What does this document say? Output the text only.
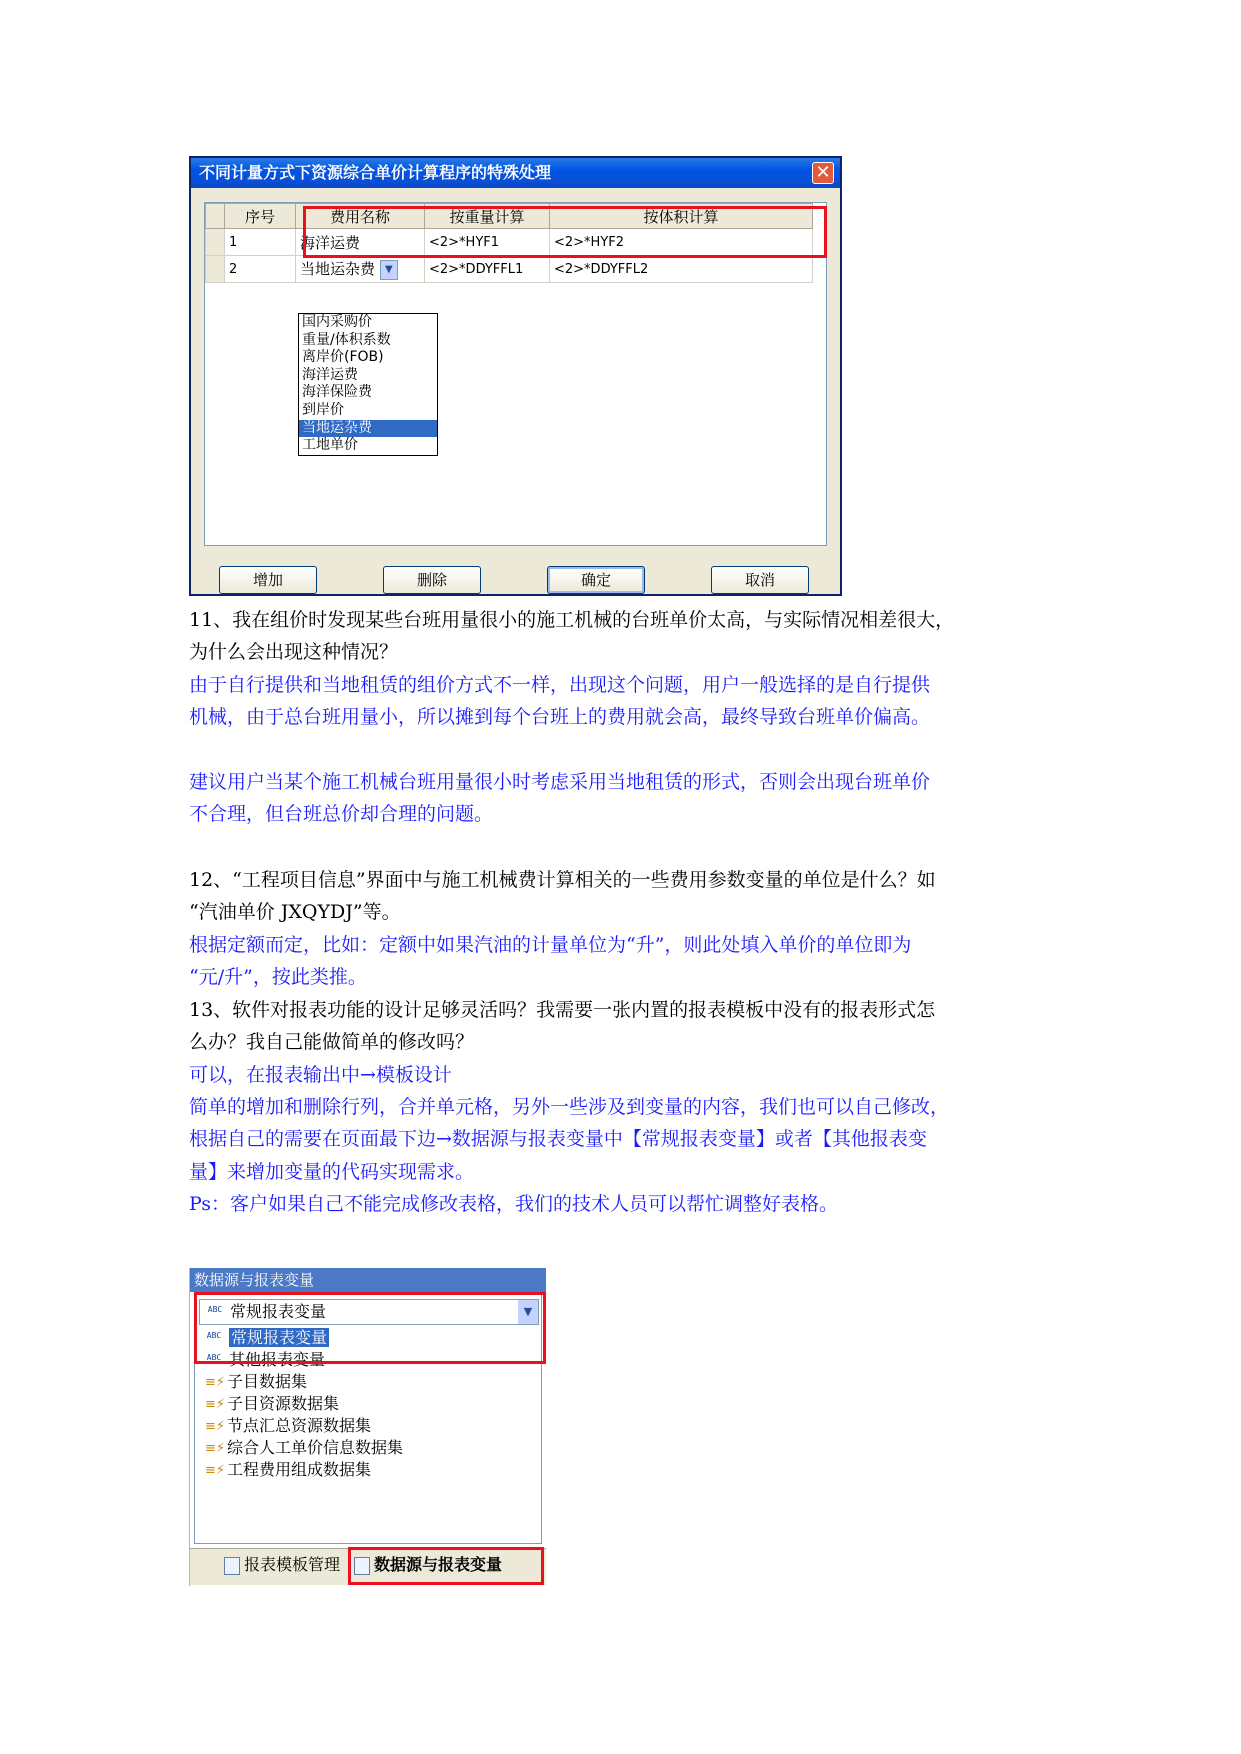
不同计量方式下资源综合单价计算程序的特殊处理	✕
	序号	费用名称	按重量计算	按体积计算
	1	海洋运费	<2>*HYF1	<2>*HYF2
	2	当地运杂费 ▼	<2>*DDYFFL1	<2>*DDYFFL2
国内采购价
重量/体积系数
离岸价(FOB)
海洋运费
海洋保险费
到岸价
当地运杂费
工地单价
增加	删除	确定	取消
11、我在组价时发现某些台班用量很小的施工机械的台班单价太高，与实际情况相差很大，
为什么会出现这种情况？
由于自行提供和当地租赁的组价方式不一样，出现这个问题，用户一般选择的是自行提供
机械，由于总台班用量小，所以摊到每个台班上的费用就会高，最终导致台班单价偏高。
建议用户当某个施工机械台班用量很小时考虑采用当地租赁的形式，否则会出现台班单价
不合理，但台班总价却合理的问题。
12、“工程项目信息”界面中与施工机械费计算相关的一些费用参数变量的单位是什么？如
“汽油单价 JXQYDJ”等。
根据定额而定，比如：定额中如果汽油的计量单位为“升”，则此处填入单价的单位即为
“元/升”，按此类推。
13、软件对报表功能的设计足够灵活吗？我需要一张内置的报表模板中没有的报表形式怎
么办？我自己能做简单的修改吗？
可以，在报表输出中→模板设计
简单的增加和删除行列，合并单元格，另外一些涉及到变量的内容，我们也可以自己修改，
根据自己的需要在页面最下边→数据源与报表变量中【常规报表变量】或者【其他报表变
量】来增加变量的代码实现需求。
Ps：客户如果自己不能完成修改表格，我们的技术人员可以帮忙调整好表格。
数据源与报表变量
ABC 常规报表变量	▼
ABC 常规报表变量
ABC 其他报表变量
≡⚡ 子目数据集
≡⚡ 子目资源数据集
≡⚡ 节点汇总资源数据集
≡⚡ 综合人工单价信息数据集
≡⚡ 工程费用组成数据集
报表模板管理	数据源与报表变量
